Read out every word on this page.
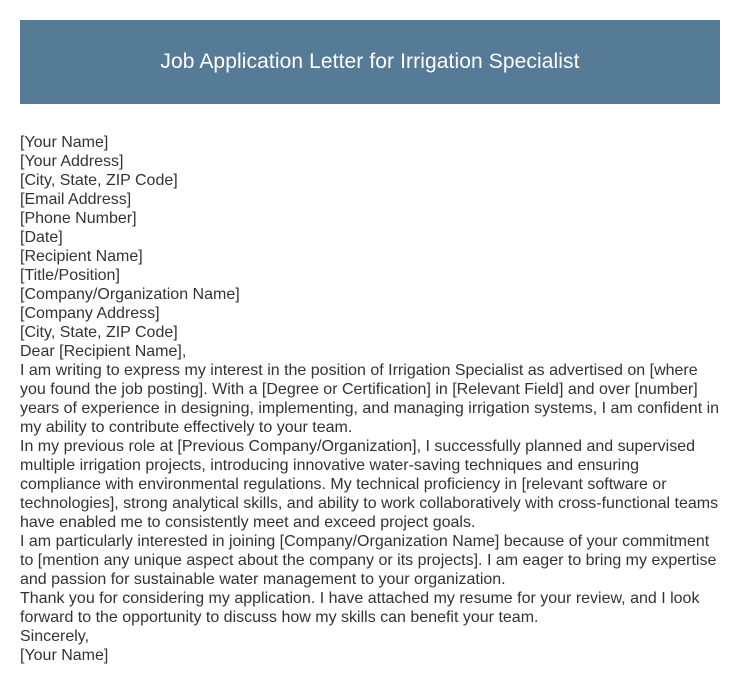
Job Application Letter for Irrigation Specialist

[Your Name]

[Your Address]

[City, State, ZIP Code]

[Email Address]

[Phone Number]

[Date]

[Recipient Name]

[Title/Position]

[Company/Organization Name]

[Company Address]

[City, State, ZIP Code]

Dear [Recipient Name],

I am writing to express my interest in the position of Irrigation Specialist as advertised on [where you found the job posting]. With a [Degree or Certification] in [Relevant Field] and over [number] years of experience in designing, implementing, and managing irrigation systems, I am confident in my ability to contribute effectively to your team.

In my previous role at [Previous Company/Organization], I successfully planned and supervised multiple irrigation projects, introducing innovative water-saving techniques and ensuring compliance with environmental regulations. My technical proficiency in [relevant software or technologies], strong analytical skills, and ability to work collaboratively with cross-functional teams have enabled me to consistently meet and exceed project goals.

I am particularly interested in joining [Company/Organization Name] because of your commitment to [mention any unique aspect about the company or its projects]. I am eager to bring my expertise and passion for sustainable water management to your organization.

Thank you for considering my application. I have attached my resume for your review, and I look forward to the opportunity to discuss how my skills can benefit your team.

Sincerely,

[Your Name]
